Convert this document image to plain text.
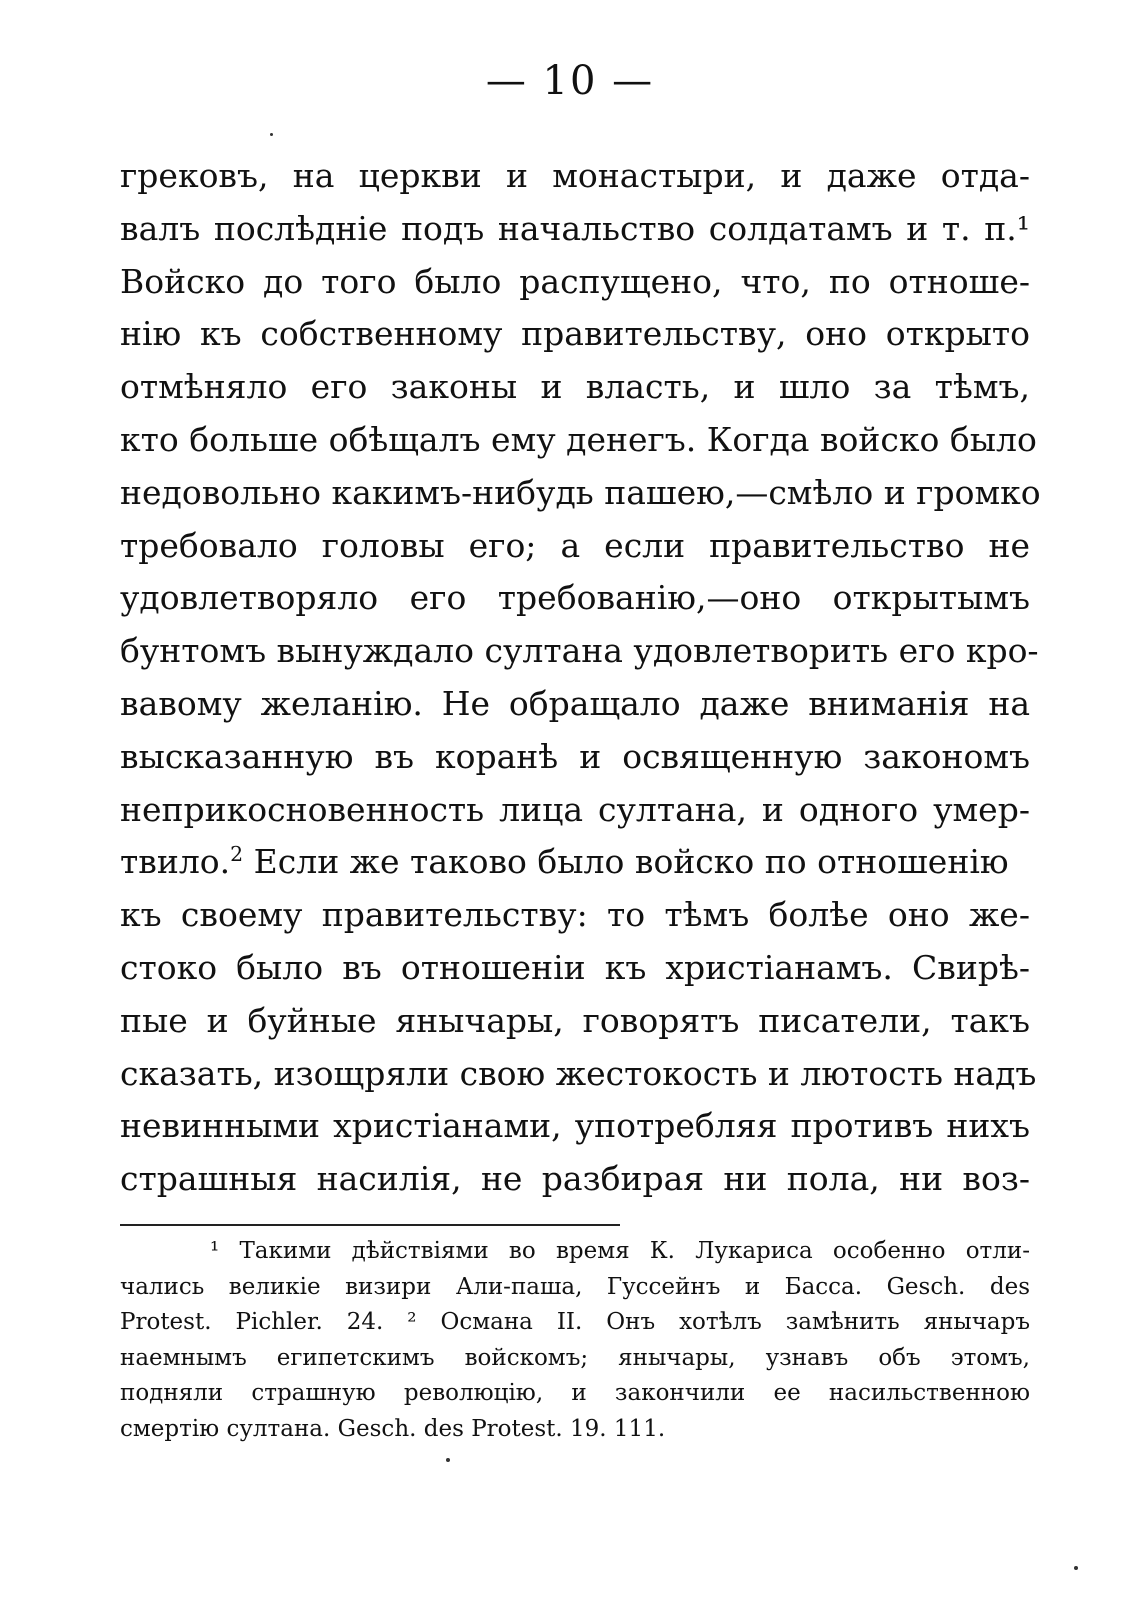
— 10 —
грековъ, на церкви и монастыри, и даже отда-
валъ послѣдніе подъ начальство солдатамъ и т. п.¹
Войско до того было распущено, что, по отноше-
нію къ собственному правительству, оно открыто
отмѣняло его законы и власть, и шло за тѣмъ,
кто больше обѣщалъ ему денегъ. Когда войско было
недовольно какимъ-нибудь пашею,—смѣло и громко
требовало головы его; а если правительство не
удовлетворяло его требованію,—оно открытымъ
бунтомъ вынуждало султана удовлетворить его кро-
вавому желанію. Не обращало даже вниманія на
высказанную въ коранѣ и освященную закономъ
неприкосновенность лица султана, и одного умер-
твило.$^2$ Если же таково было войско по отношенію
къ своему правительству: то тѣмъ болѣе оно же-
стоко было въ отношеніи къ христіанамъ. Свирѣ-
пые и буйные янычары, говорятъ писатели, такъ
сказать, изощряли свою жестокость и лютость надъ
невинными христіанами, употребляя противъ нихъ
страшныя насилія, не разбирая ни пола, ни воз-
¹ Такими дѣйствіями во время К. Лукариса особенно отли-
чались великіе визири Али-паша, Гуссейнъ и Басса. Gesch. des
Protest. Pichler. 24. ² Османа II. Онъ хотѣлъ замѣнить янычаръ
наемнымъ египетскимъ войскомъ; янычары, узнавъ объ этомъ,
подняли страшную революцію, и закончили ее насильственною
смертію султана. Gesch. des Protest. 19. 111.
